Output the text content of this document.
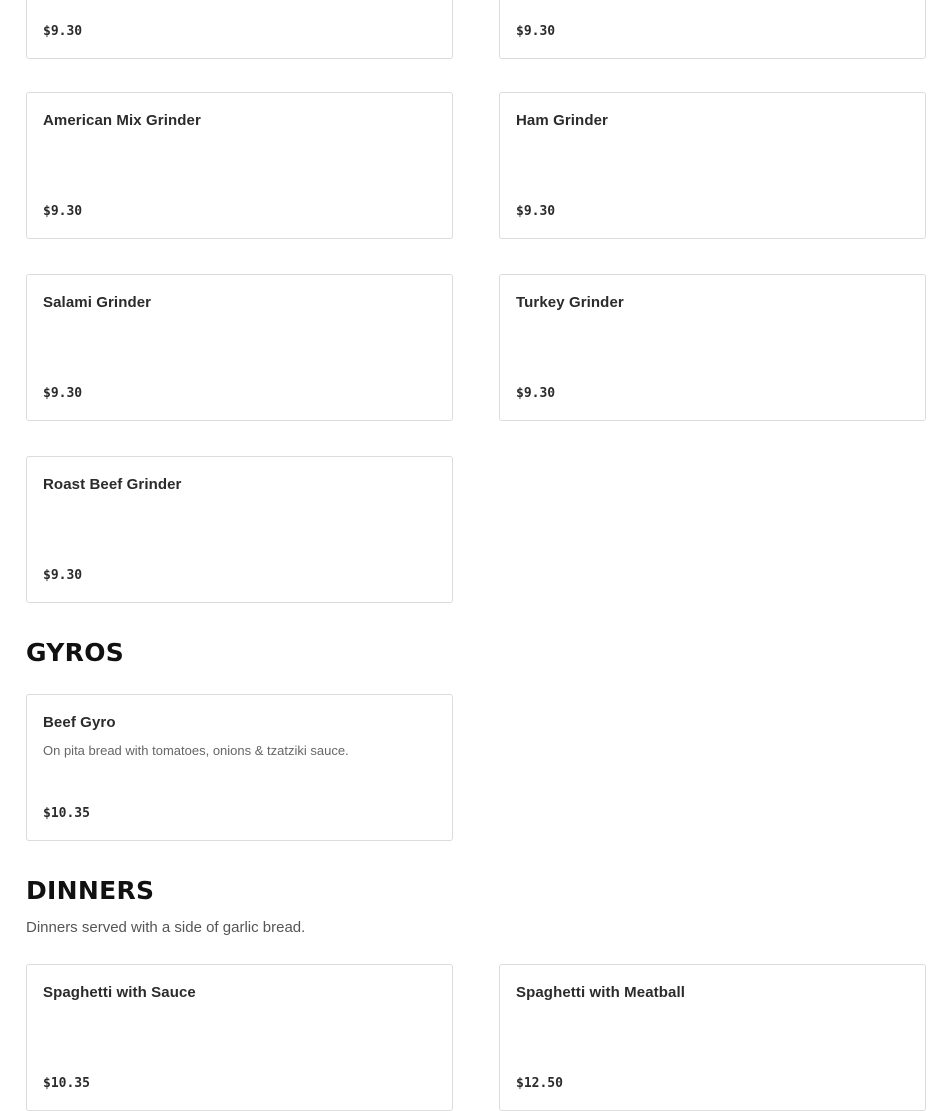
$9.30	$9.30
American Mix Grinder
$9.30
Ham Grinder
$9.30
Salami Grinder
$9.30
Turkey Grinder
$9.30
Roast Beef Grinder
$9.30
GYROS
Beef Gyro
On pita bread with tomatoes, onions & tzatziki sauce.
$10.35
DINNERS
Dinners served with a side of garlic bread.
Spaghetti with Sauce
$10.35
Spaghetti with Meatball
$12.50
